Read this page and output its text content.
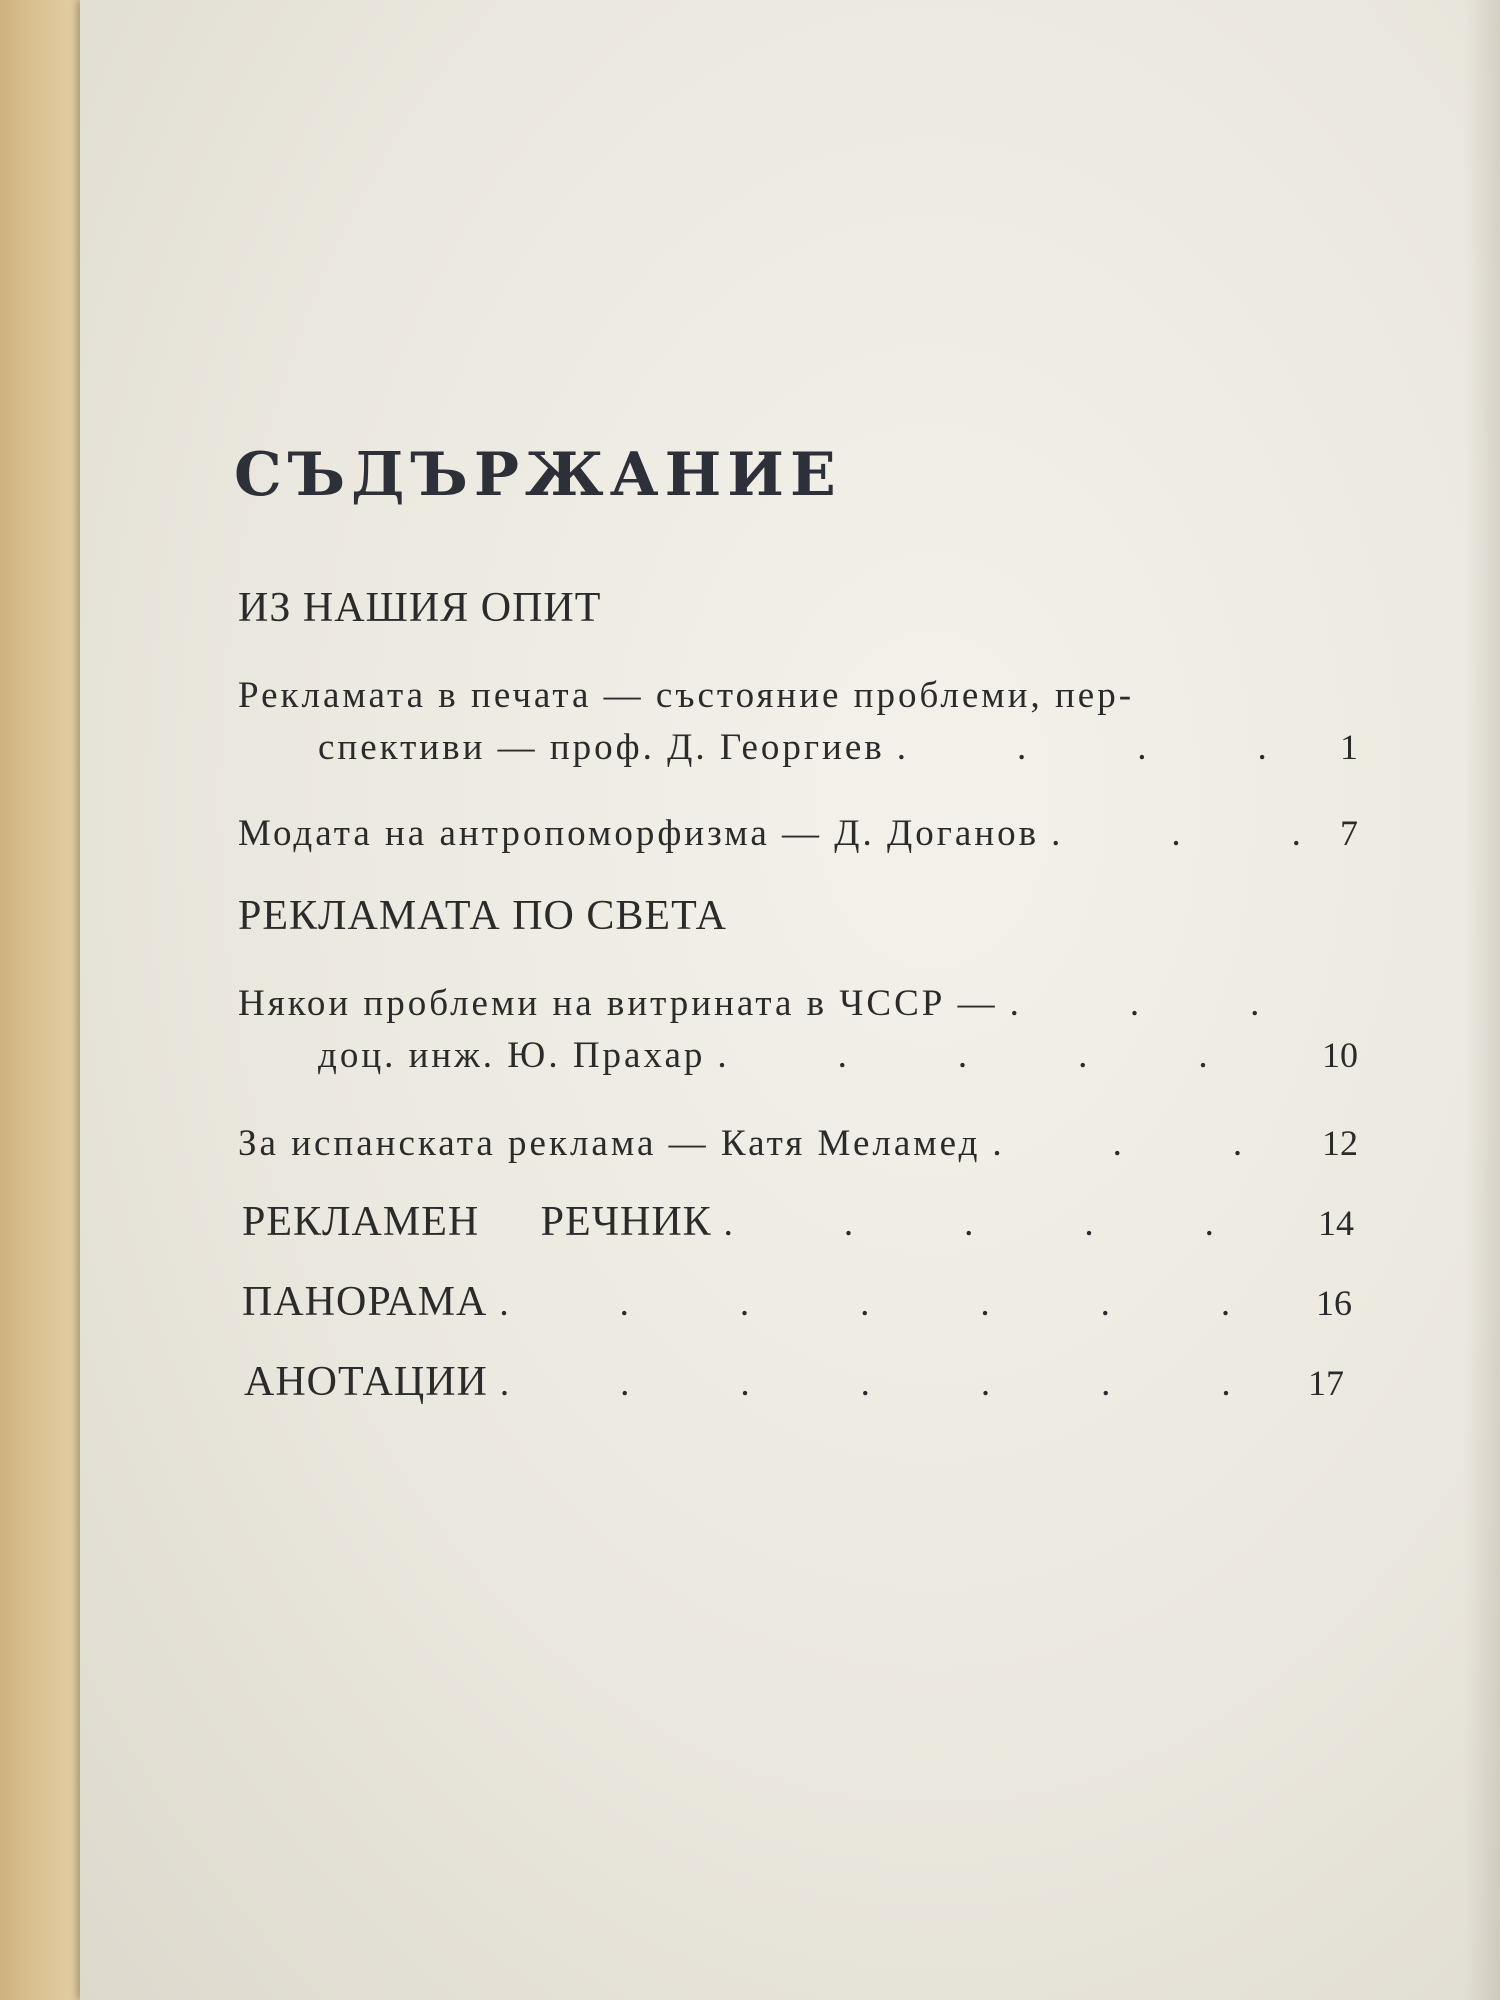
СЪДЪРЖАНИЕ
ИЗ НАШИЯ ОПИТ
Рекламата в печата — състояние проблеми, пер-
спективи — проф. Д. Георгиев .	1
Модата на антропоморфизма — Д. Доганов .	7
РЕКЛАМАТА ПО СВЕТА
Някои проблеми на витрината в ЧССР —
.
доц. инж. Ю. Прахар .	10
За испанската реклама — Катя Меламед .	12
РЕКЛАМЕН РЕЧНИК .	14
ПАНОРАМА .	16
АНОТАЦИИ .	17
